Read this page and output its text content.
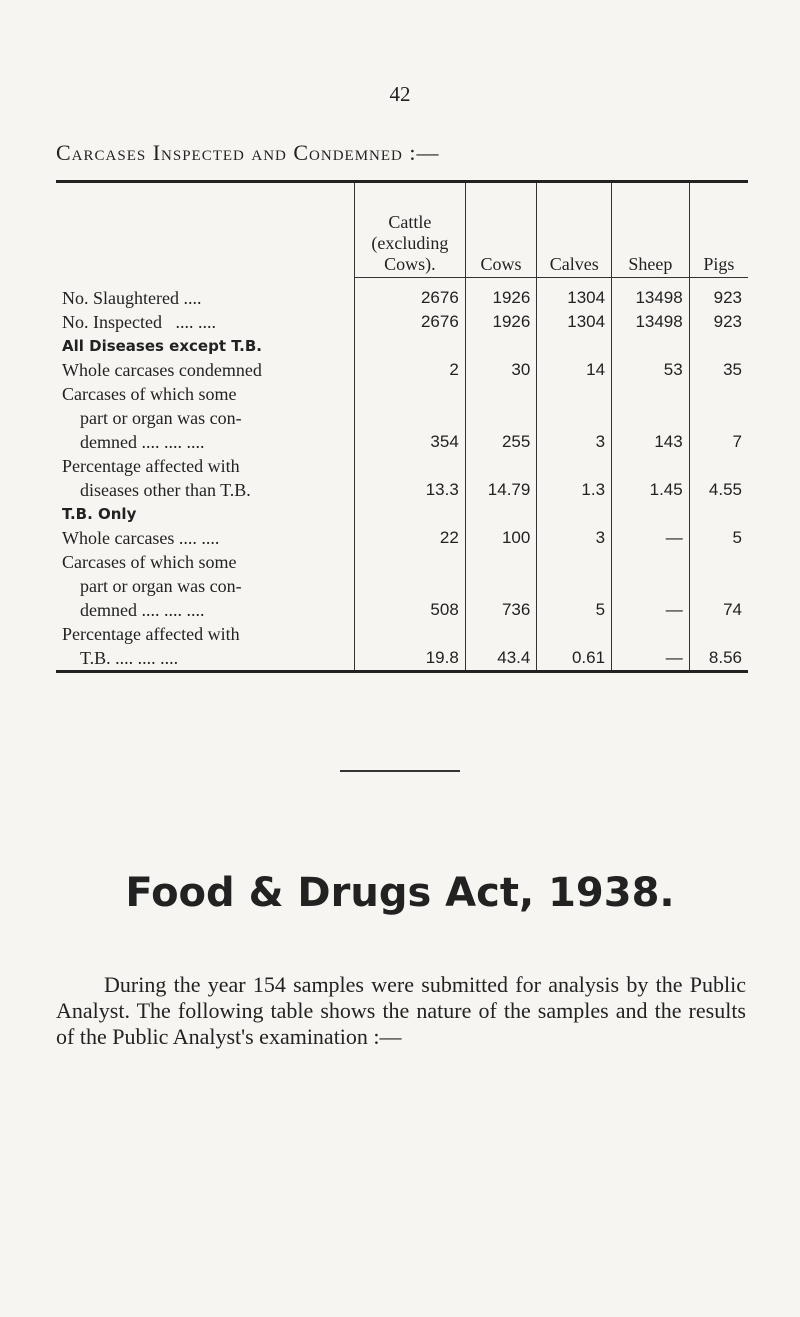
42
Carcases Inspected and Condemned :—
	Cattle
(excluding
Cows).	Cows	Calves	Sheep	Pigs
No. Slaughtered ....	2676	1926	1304	13498	923
No. Inspected .... ....	2676	1926	1304	13498	923
All Diseases except T.B.					
Whole carcases condemned	2	30	14	53	35

Carcases of which some
part or organ was con-
demned .... .... ....	354	255	3	143	7

Percentage affected with
diseases other than T.B.	13.3	14.79	1.3	1.45	4.55
T.B. Only					
Whole carcases .... ....	22	100	3	—	5

Carcases of which some
part or organ was con-
demned .... .... ....	508	736	5	—	74

Percentage affected with
T.B. .... .... ....	19.8	43.4	0.61	—	8.56
Food & Drugs Act, 1938.

During the year 154 samples were submitted for analysis by the Public Analyst. The following table shows the nature of the samples and the results of the Public Analyst's examination :—
